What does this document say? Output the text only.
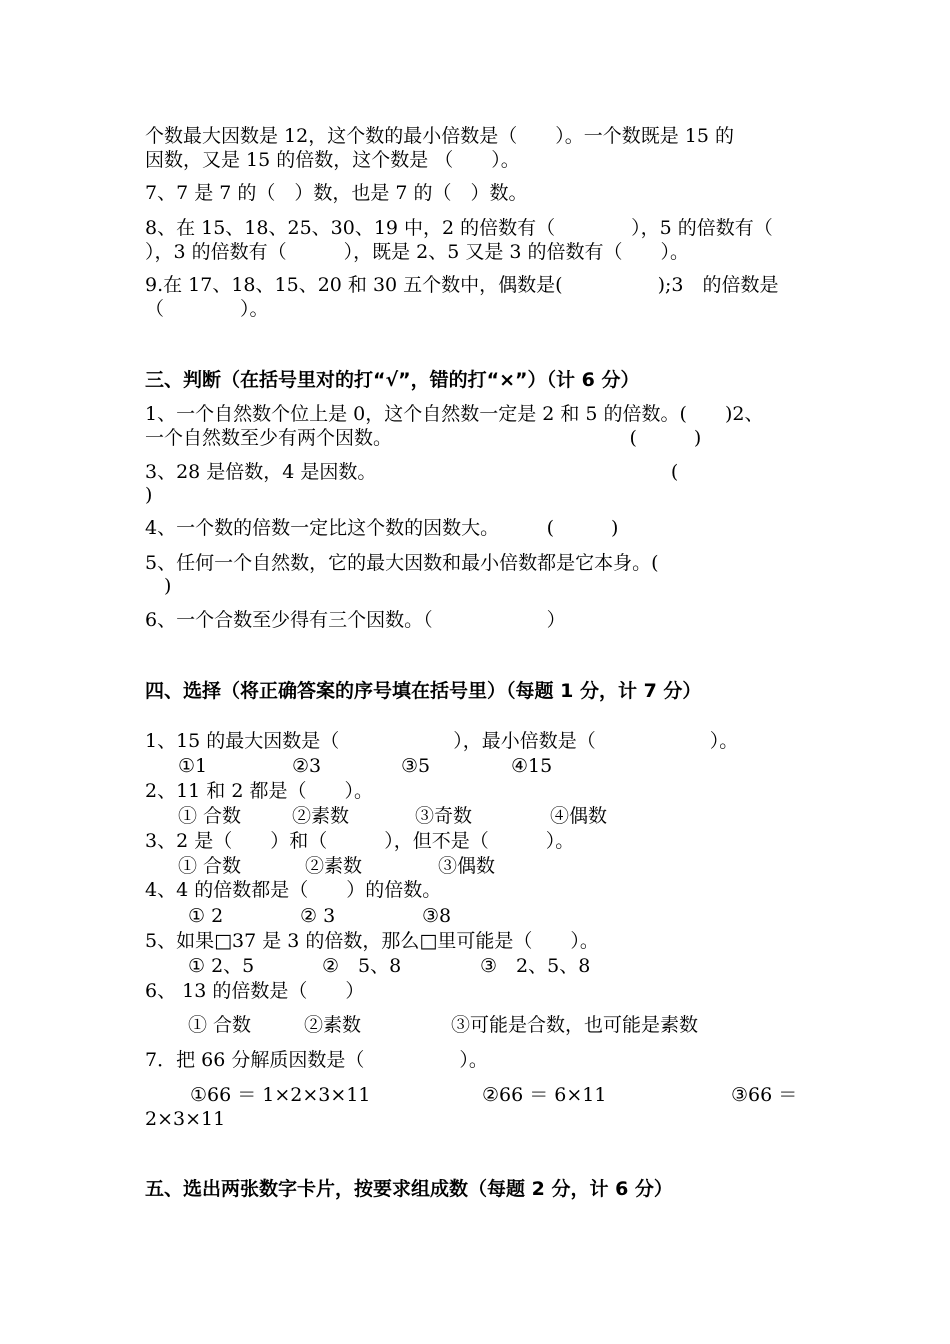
个数最大因数是 12，这个数的最小倍数是（　　）。一个数既是 15 的
因数，又是 15 的倍数，这个数是 （　　）。
7、7 是 7 的（　）数，也是 7 的（　）数。
8、在 15、18、25、30、19 中，2 的倍数有（　　　　），5 的倍数有（
），3 的倍数有（　　　），既是 2、5 又是 3 的倍数有（　　）。
9.在 17、18、15、20 和 30 五个数中，偶数是(　　　　　);3　的倍数是
（　　　　）。
三、判断（在括号里对的打“√”，错的打“×”）（计 6 分）
1、一个自然数个位上是 0，这个自然数一定是 2 和 5 的倍数。(　　)2、
一个自然数至少有两个因数。　　　　　　　　　　　　　(　　　)
3、28 是倍数，4 是因数。　　　　　　　　　　　　　　　　(
)
4、一个数的倍数一定比这个数的因数大。　　　(　　　)
5、任何一个自然数，它的最大因数和最小倍数都是它本身。(
　)
6、一个合数至少得有三个因数。（　　　　　　）
四、选择（将正确答案的序号填在括号里）（每题 1 分，计 7 分）
1、15 的最大因数是（　　　　　　），最小倍数是（　　　　　　）。
①1	②3	③5	④15
2、11 和 2 都是（　　）。
① 合数	②素数	③奇数	④偶数
3、2 是（　　）和（　　　），但不是（　　　）。
① 合数	②素数	③偶数
4、4 的倍数都是（　　）的倍数。
① 2	② 3	③8
5、如果□37 是 3 的倍数，那么□里可能是（　　）。
① 2、5	②　5、8	③　2、5、8
6、 13 的倍数是（　　）
① 合数	②素数	③可能是合数，也可能是素数
7．把 66 分解质因数是（　　　　　）。
①66 ＝ 1×2×3×11	②66 ＝ 6×11	③66 ＝
2×3×11
五、选出两张数字卡片，按要求组成数（每题 2 分，计 6 分）
